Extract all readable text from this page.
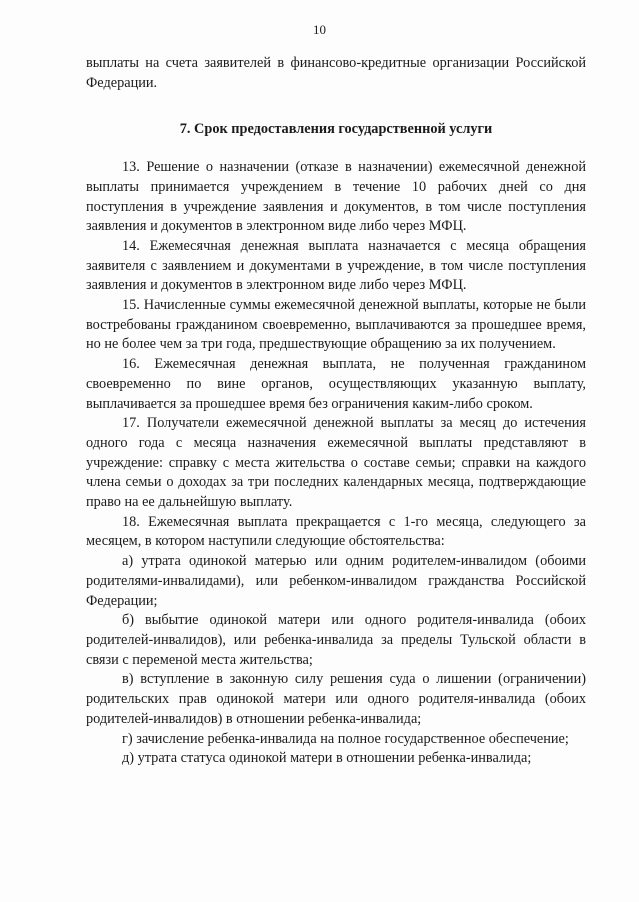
10

выплаты на счета заявителей в финансово-кредитные организации Российской Федерации.

7. Срок предоставления государственной услуги

13. Решение о назначении (отказе в назначении) ежемесячной денежной выплаты принимается учреждением в течение 10 рабочих дней со дня поступления в учреждение заявления и документов, в том числе поступления заявления и документов в электронном виде либо через МФЦ.

14. Ежемесячная денежная выплата назначается с месяца обращения заявителя с заявлением и документами в учреждение, в том числе поступления заявления и документов в электронном виде либо через МФЦ.

15. Начисленные суммы ежемесячной денежной выплаты, которые не были востребованы гражданином своевременно, выплачиваются за прошедшее время, но не более чем за три года, предшествующие обращению за их получением.

16. Ежемесячная денежная выплата, не полученная гражданином своевременно по вине органов, осуществляющих указанную выплату, выплачивается за прошедшее время без ограничения каким-либо сроком.

17. Получатели ежемесячной денежной выплаты за месяц до истечения одного года с месяца назначения ежемесячной выплаты представляют в учреждение: справку с места жительства о составе семьи; справки на каждого члена семьи о доходах за три последних календарных месяца, подтверждающие право на ее дальнейшую выплату.

18. Ежемесячная выплата прекращается с 1-го месяца, следующего за месяцем, в котором наступили следующие обстоятельства:

а) утрата одинокой матерью или одним родителем-инвалидом (обоими родителями-инвалидами), или ребенком-инвалидом гражданства Российской Федерации;

б) выбытие одинокой матери или одного родителя-инвалида (обоих родителей-инвалидов), или ребенка-инвалида за пределы Тульской области в связи с переменой места жительства;

в) вступление в законную силу решения суда о лишении (ограничении) родительских прав одинокой матери или одного родителя-инвалида (обоих родителей-инвалидов) в отношении ребенка-инвалида;

г) зачисление ребенка-инвалида на полное государственное обеспечение;

д) утрата статуса одинокой матери в отношении ребенка-инвалида;
